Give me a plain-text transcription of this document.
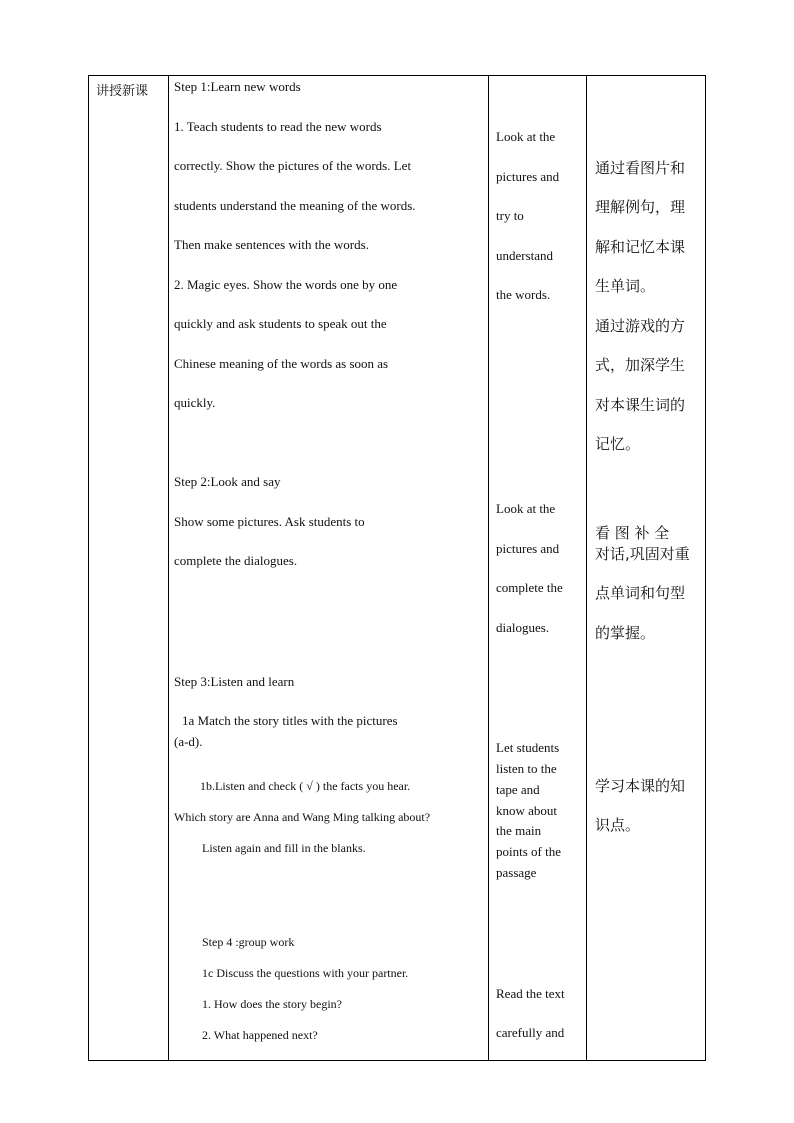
讲授新课 Step 1:Learn new words
1. Teach students to read the new words
correctly. Show the pictures of the words. Let
students understand the meaning of the words.
Then make sentences with the words.
2. Magic eyes. Show the words one by one
quickly and ask students to speak out the
Chinese meaning of the words as soon as
quickly.
Step 2:Look and say
Show some pictures. Ask students to
complete the dialogues.
Step 3:Listen and learn
1a Match the story titles with the pictures
(a-d).
1b.Listen and check ( √ ) the facts you hear.
Which story are Anna and Wang Ming talking about?
Listen again and fill in the blanks.
Step 4 :group work
1c Discuss the questions with your partner.
1. How does the story begin?
2. What happened next?
Look at the
pictures and
try to
understand
the words.
Look at the
pictures and
complete the
dialogues.
Let students
listen to the
tape and
know about
the main
points of the
passage
Read the text
carefully and
通过看图片和
理解例句，理
解和记忆本课
生单词。
通过游戏的方
式，加深学生
对本课生词的
记忆。
看 图 补 全
对话,巩固对重
点单词和句型
的掌握。
学习本课的知
识点。
